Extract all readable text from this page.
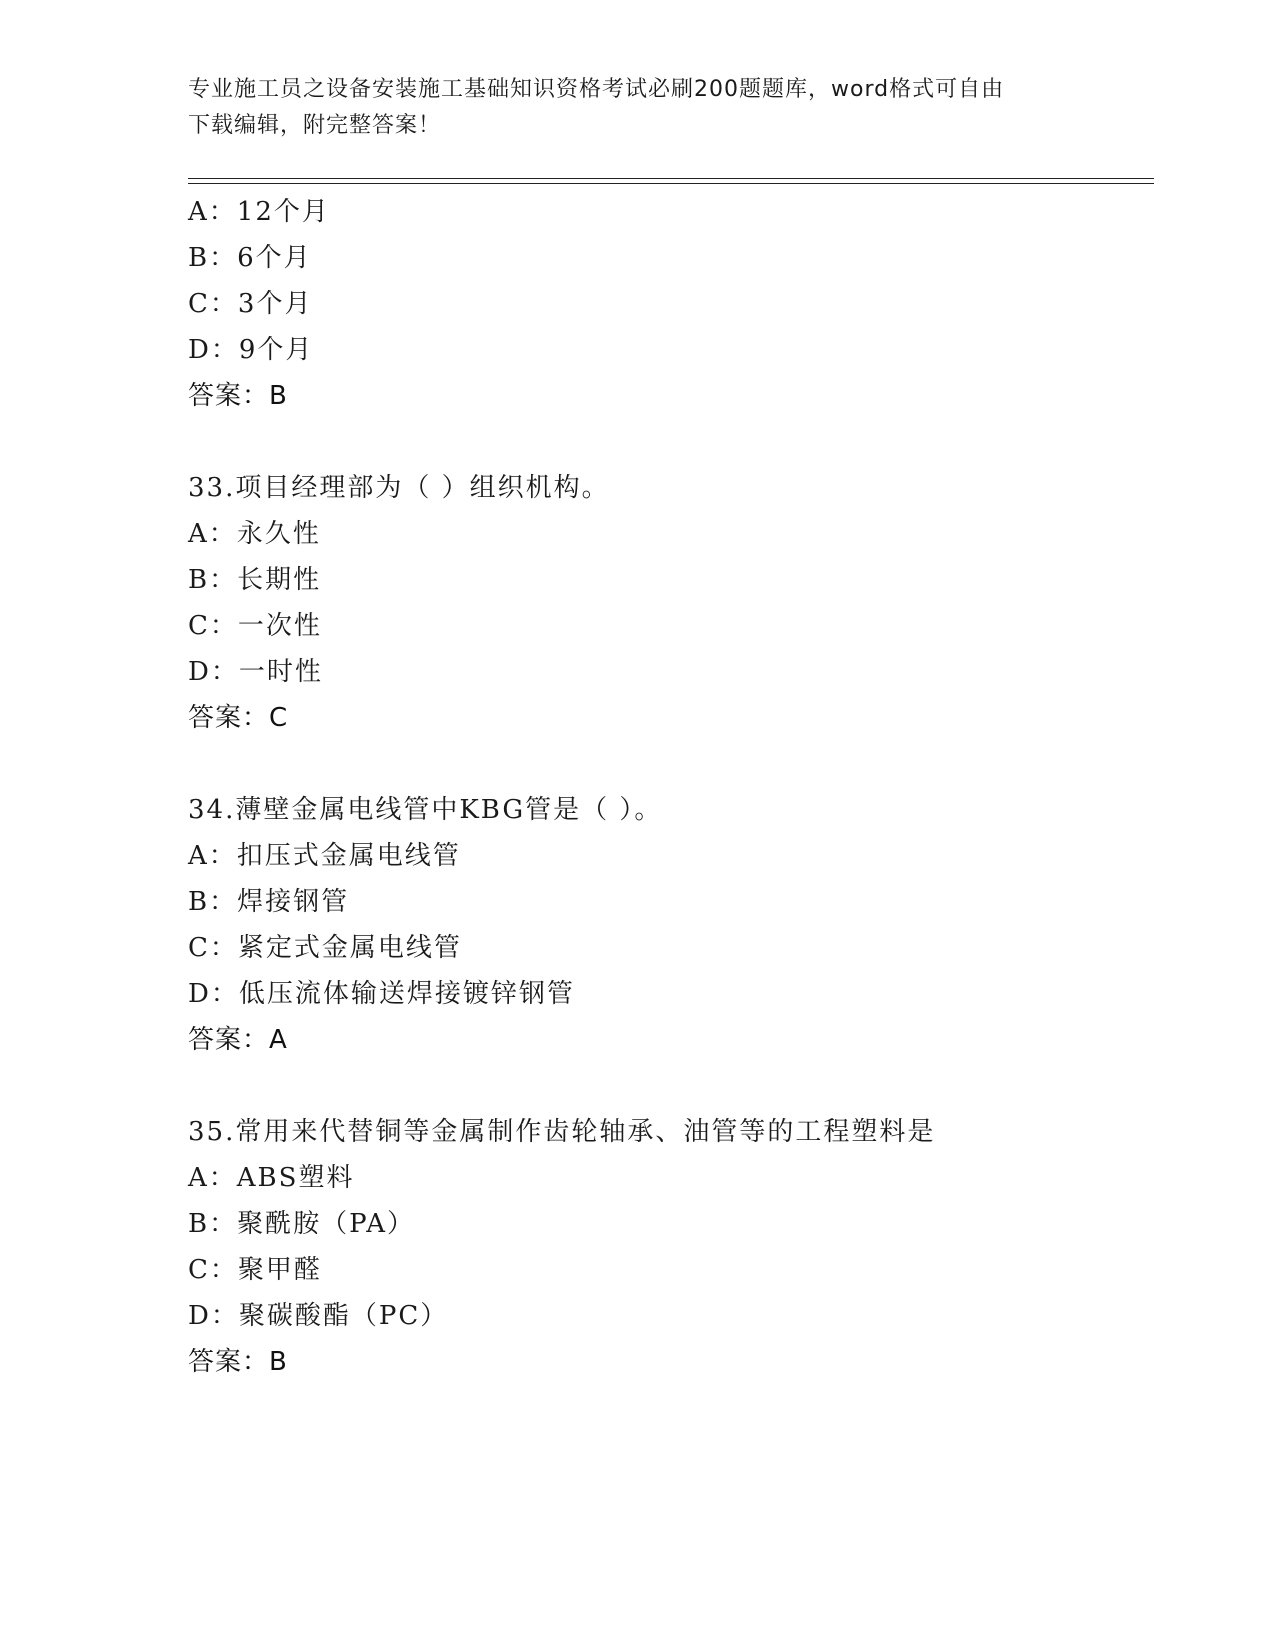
专业施工员之设备安装施工基础知识资格考试必刷200题题库，word格式可自由
下载编辑，附完整答案！
A：12个月
B：6个月
C：3个月
D：9个月
答案：B
33.项目经理部为（ ）组织机构。
A：永久性
B：长期性
C：一次性
D：一时性
答案：C
34.薄壁金属电线管中KBG管是（ ）。
A：扣压式金属电线管
B：焊接钢管
C：紧定式金属电线管
D：低压流体输送焊接镀锌钢管
答案：A
35.常用来代替铜等金属制作齿轮轴承、油管等的工程塑料是
A：ABS塑料
B：聚酰胺（PA）
C：聚甲醛
D：聚碳酸酯（PC）
答案：B
